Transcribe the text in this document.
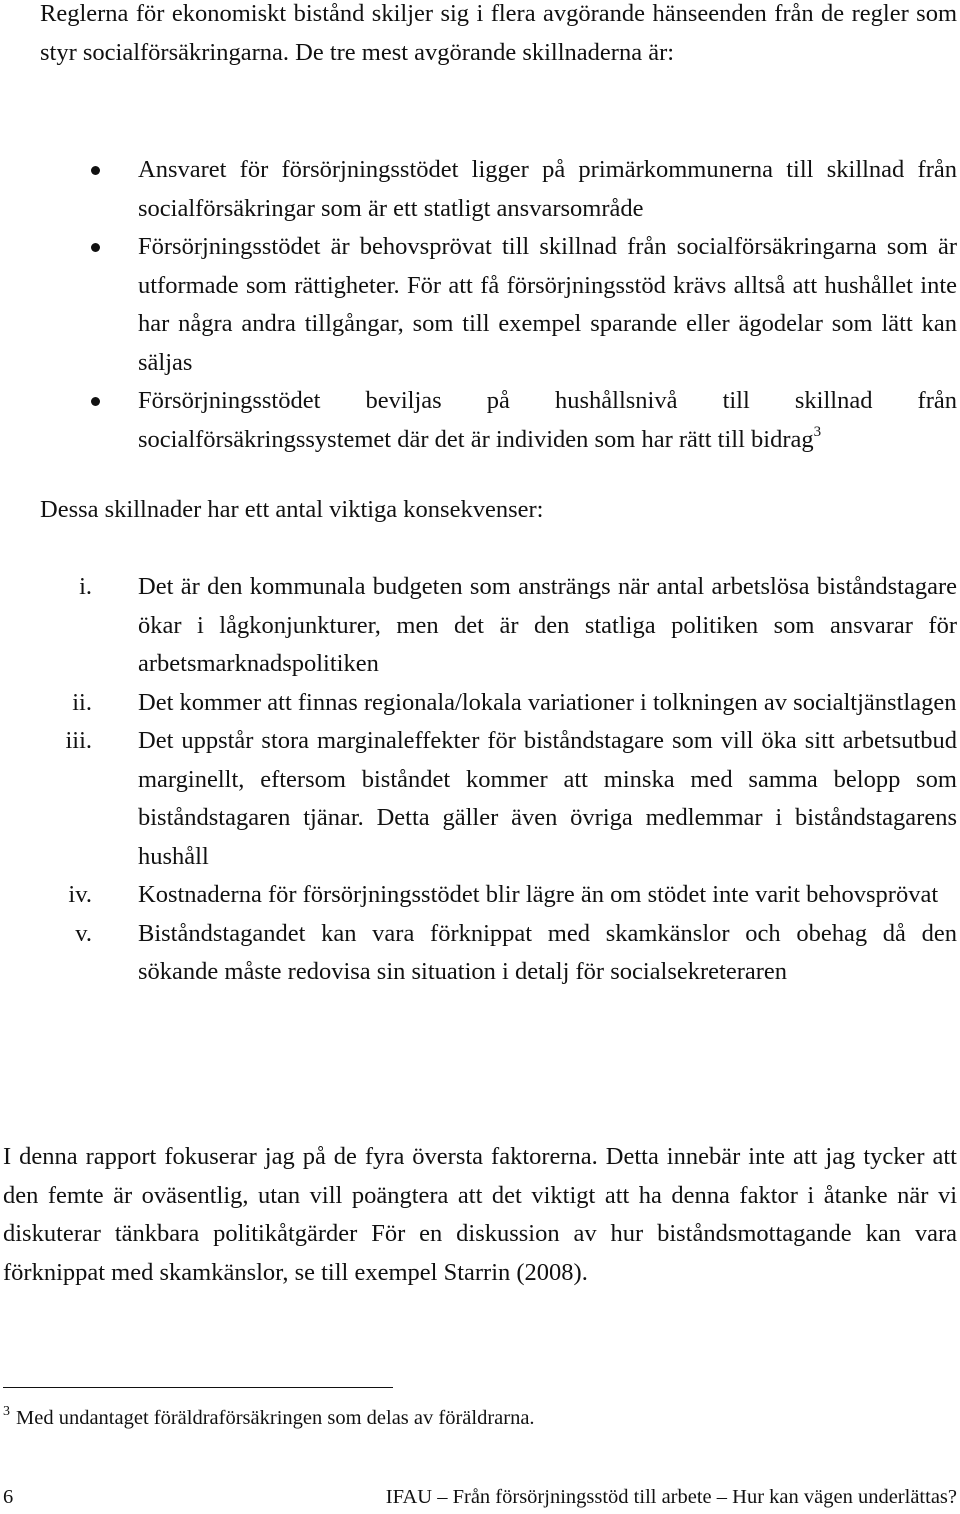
Reglerna för ekonomiskt bistånd skiljer sig i flera avgörande hänseenden från de regler som styr socialförsäkringarna. De tre mest avgörande skillnaderna är:

Ansvaret för försörjningsstödet ligger på primärkommunerna till skillnad från socialförsäkringar som är ett statligt ansvarsområde
Försörjningsstödet är behovsprövat till skillnad från socialförsäkringarna som är utformade som rättigheter. För att få försörjningsstöd krävs alltså att hushållet inte har några andra tillgångar, som till exempel sparande eller ägodelar som lätt kan säljas
Försörjningsstödet beviljas på hushållsnivå till skillnad från socialförsäkringssystemet där det är individen som har rätt till bidrag$^3$

Dessa skillnader har ett antal viktiga konsekvenser:

i. Det är den kommunala budgeten som ansträngs när antal arbetslösa biståndstagare ökar i lågkonjunkturer, men det är den statliga politiken som ansvarar för arbetsmarknadspolitiken
ii. Det kommer att finnas regionala/lokala variationer i tolkningen av socialtjänstlagen
iii. Det uppstår stora marginaleffekter för biståndstagare som vill öka sitt arbetsutbud marginellt, eftersom biståndet kommer att minska med samma belopp som biståndstagaren tjänar. Detta gäller även övriga medlemmar i biståndstagarens hushåll
iv. Kostnaderna för försörjningsstödet blir lägre än om stödet inte varit behovsprövat
v. Biståndstagandet kan vara förknippat med skamkänslor och obehag då den sökande måste redovisa sin situation i detalj för socialsekreteraren

I denna rapport fokuserar jag på de fyra översta faktorerna. Detta innebär inte att jag tycker att den femte är oväsentlig, utan vill poängtera att det viktigt att ha denna faktor i åtanke när vi diskuterar tänkbara politikåtgärder För en diskussion av hur biståndsmottagande kan vara förknippat med skamkänslor, se till exempel Starrin (2008).

$^3$ Med undantaget föräldraförsäkringen som delas av föräldrarna.
6	IFAU – Från försörjningsstöd till arbete – Hur kan vägen underlättas?
